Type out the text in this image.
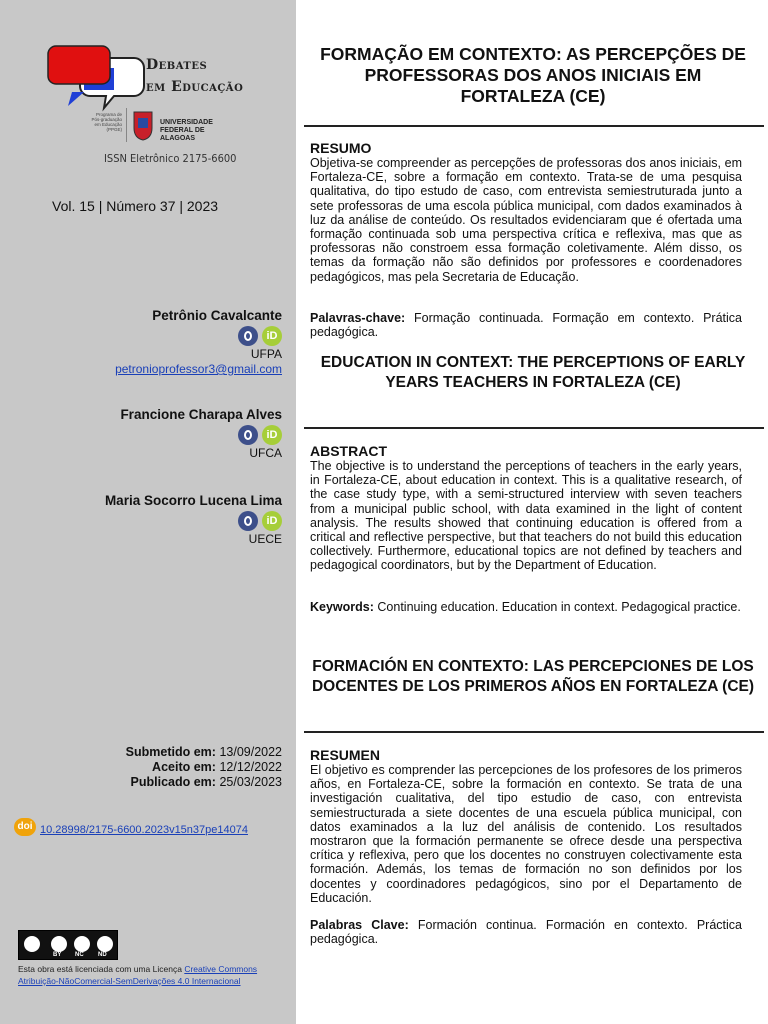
Debates
em Educação
Programa de Pós-graduação em Educação (PPGE)
UNIVERSIDADE FEDERAL DE ALAGOAS
ISSN Eletrônico 2175-6600
Vol. 15 | Número 37 | 2023
Petrônio Cavalcante
iD
UFPA
petronioprofessor3@gmail.com
Francione Charapa Alves
iD
UFCA
Maria Socorro Lucena Lima
iD
UECE
Submetido em: 13/09/2022
Aceito em: 12/12/2022
Publicado em: 25/03/2023
doi 10.28998/2175-6600.2023v15n37pe14074
BY NC ND
Esta obra está licenciada com uma Licença Creative Commons Atribuição-NãoComercial-SemDerivações 4.0 Internacional
FORMAÇÃO EM CONTEXTO: AS PERCEPÇÕES DE PROFESSORAS DOS ANOS INICIAIS EM FORTALEZA (CE)
RESUMO
Objetiva-se compreender as percepções de professoras dos anos iniciais, em Fortaleza-CE, sobre a formação em contexto. Trata-se de uma pesquisa qualitativa, do tipo estudo de caso, com entrevista semiestruturada junto a sete professoras de uma escola pública municipal, com dados examinados à luz da análise de conteúdo. Os resultados evidenciaram que é ofertada uma formação continuada sob uma perspectiva crítica e reflexiva, mas que as professoras não constroem essa formação coletivamente. Além disso, os temas da formação não são definidos por professores e coordenadores pedagógicos, mas pela Secretaria de Educação.
Palavras-chave: Formação continuada. Formação em contexto. Prática pedagógica.
EDUCATION IN CONTEXT: THE PERCEPTIONS OF EARLY YEARS TEACHERS IN FORTALEZA (CE)
ABSTRACT
The objective is to understand the perceptions of teachers in the early years, in Fortaleza-CE, about education in context. This is a qualitative research, of the case study type, with a semi-structured interview with seven teachers from a municipal public school, with data examined in the light of content analysis. The results showed that continuing education is offered from a critical and reflective perspective, but that teachers do not build this education collectively. Furthermore, educational topics are not defined by teachers and pedagogical coordinators, but by the Department of Education.
Keywords: Continuing education. Education in context. Pedagogical practice.
FORMACIÓN EN CONTEXTO: LAS PERCEPCIONES DE LOS DOCENTES DE LOS PRIMEROS AÑOS EN FORTALEZA (CE)
RESUMEN
El objetivo es comprender las percepciones de los profesores de los primeros años, en Fortaleza-CE, sobre la formación en contexto. Se trata de una investigación cualitativa, del tipo estudio de caso, con entrevista semiestructurada a siete docentes de una escuela pública municipal, con datos examinados a la luz del análisis de contenido. Los resultados mostraron que la formación permanente se ofrece desde una perspectiva crítica y reflexiva, pero que los docentes no construyen colectivamente esta formación. Además, los temas de formación no son definidos por los docentes y coordinadores pedagógicos, sino por el Departamento de Educación.
Palabras Clave: Formación continua. Formación en contexto. Práctica pedagógica.
